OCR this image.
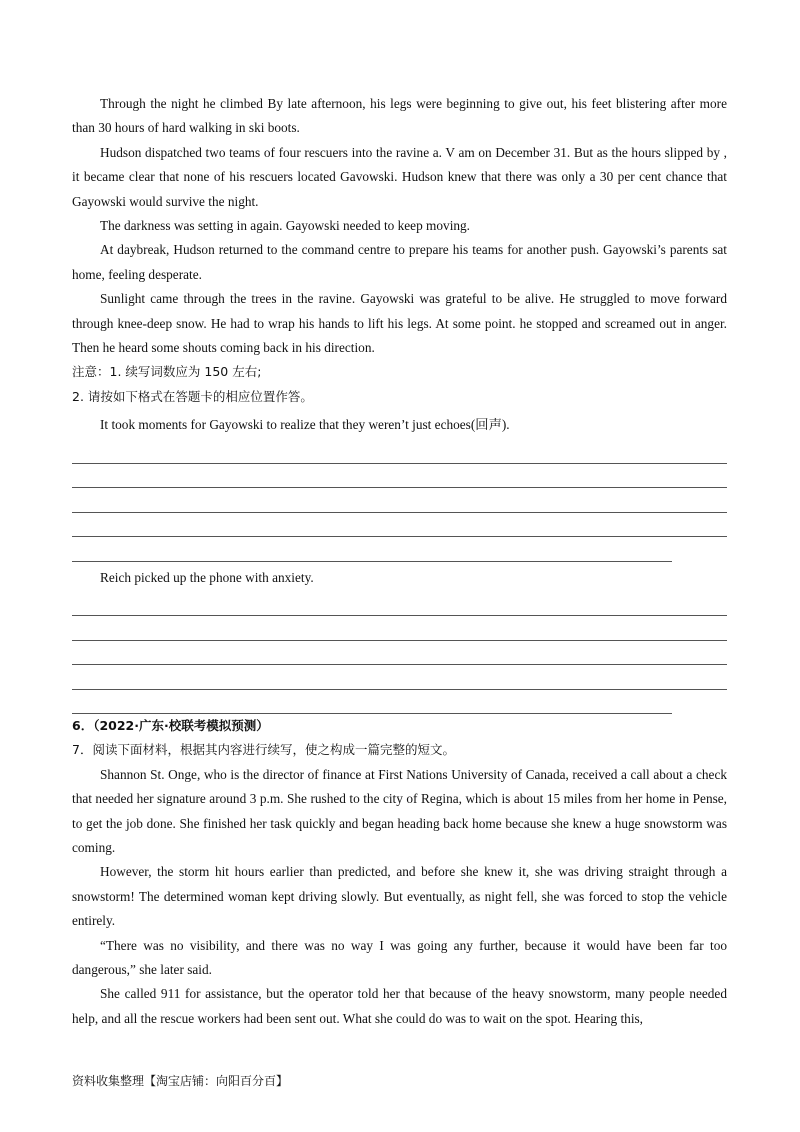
Through the night he climbed By late afternoon, his legs were beginning to give out, his feet blistering after more than 30 hours of hard walking in ski boots.

Hudson dispatched two teams of four rescuers into the ravine a. V am on December 31. But as the hours slipped by , it became clear that none of his rescuers located Gavowski. Hudson knew that there was only a 30 per cent chance that Gayowski would survive the night.

The darkness was setting in again. Gayowski needed to keep moving.

At daybreak, Hudson returned to the command centre to prepare his teams for another push. Gayowski’s parents sat home, feeling desperate.

Sunlight came through the trees in the ravine. Gayowski was grateful to be alive. He struggled to move forward through knee-deep snow. He had to wrap his hands to lift his legs. At some point. he stopped and screamed out in anger. Then he heard some shouts coming back in his direction.

注意：1. 续写词数应为 150 左右;

2. 请按如下格式在答题卡的相应位置作答。

It took moments for Gayowski to realize that they weren’t just echoes(回声).

Reich picked up the phone with anxiety.

6．（2022·广东·校联考模拟预测）

7．阅读下面材料，根据其内容进行续写，使之构成一篇完整的短文。

Shannon St. Onge, who is the director of finance at First Nations University of Canada, received a call about a check that needed her signature around 3 p.m. She rushed to the city of Regina, which is about 15 miles from her home in Pense, to get the job done. She finished her task quickly and began heading back home because she knew a huge snowstorm was coming.

However, the storm hit hours earlier than predicted, and before she knew it, she was driving straight through a snowstorm! The determined woman kept driving slowly. But eventually, as night fell, she was forced to stop the vehicle entirely.

“There was no visibility, and there was no way I was going any further, because it would have been far too dangerous,” she later said.

She called 911 for assistance, but the operator told her that because of the heavy snowstorm, many people needed help, and all the rescue workers had been sent out. What she could do was to wait on the spot. Hearing this,

资料收集整理【淘宝店铺：向阳百分百】
